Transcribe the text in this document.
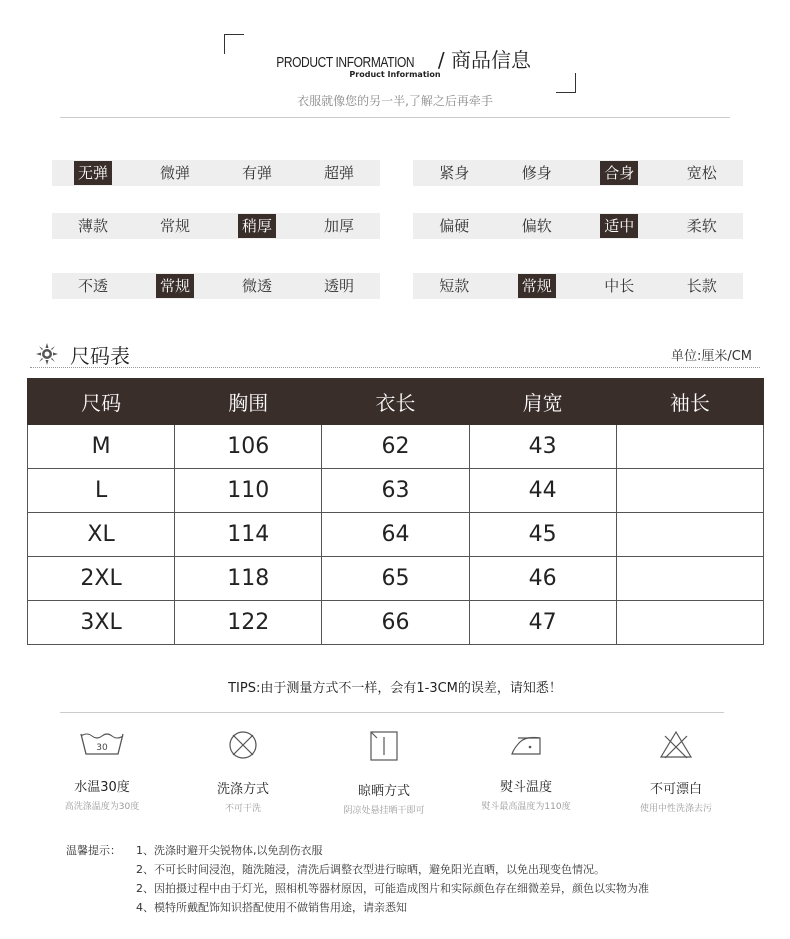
PRODUCT INFORMATION / 商品信息
Product Information
衣服就像您的另一半,了解之后再牵手
无弹	微弹	有弹	超弹	紧身	修身	合身	宽松
薄款	常规	稍厚	加厚	偏硬	偏软	适中	柔软
不透	常规	微透	透明	短款	常规	中长	长款
尺码表	单位:厘米/CM
尺码	胸围	衣长	肩宽	袖长
M	106	62	43	
L	110	63	44	
XL	114	64	45	
2XL	118	65	46	
3XL	122	66	47	
TIPS:由于测量方式不一样，会有1-3CM的误差，请知悉！
30
水温30度
高洗涤温度为30度
洗涤方式
不可干洗
晾晒方式
阴凉处悬挂晒干即可
熨斗温度
熨斗最高温度为110度
不可漂白
使用中性洗涤去污
温馨提示： 1、洗涤时避开尖锐物体,以免刮伤衣服
2、不可长时间浸泡，随洗随浸，清洗后调整衣型进行晾晒，避免阳光直晒，以免出现变色情况。
2、因拍摄过程中由于灯光，照相机等器材原因，可能造成图片和实际颜色存在细微差异，颜色以实物为准
4、模特所戴配饰知识搭配使用不做销售用途，请亲悉知
